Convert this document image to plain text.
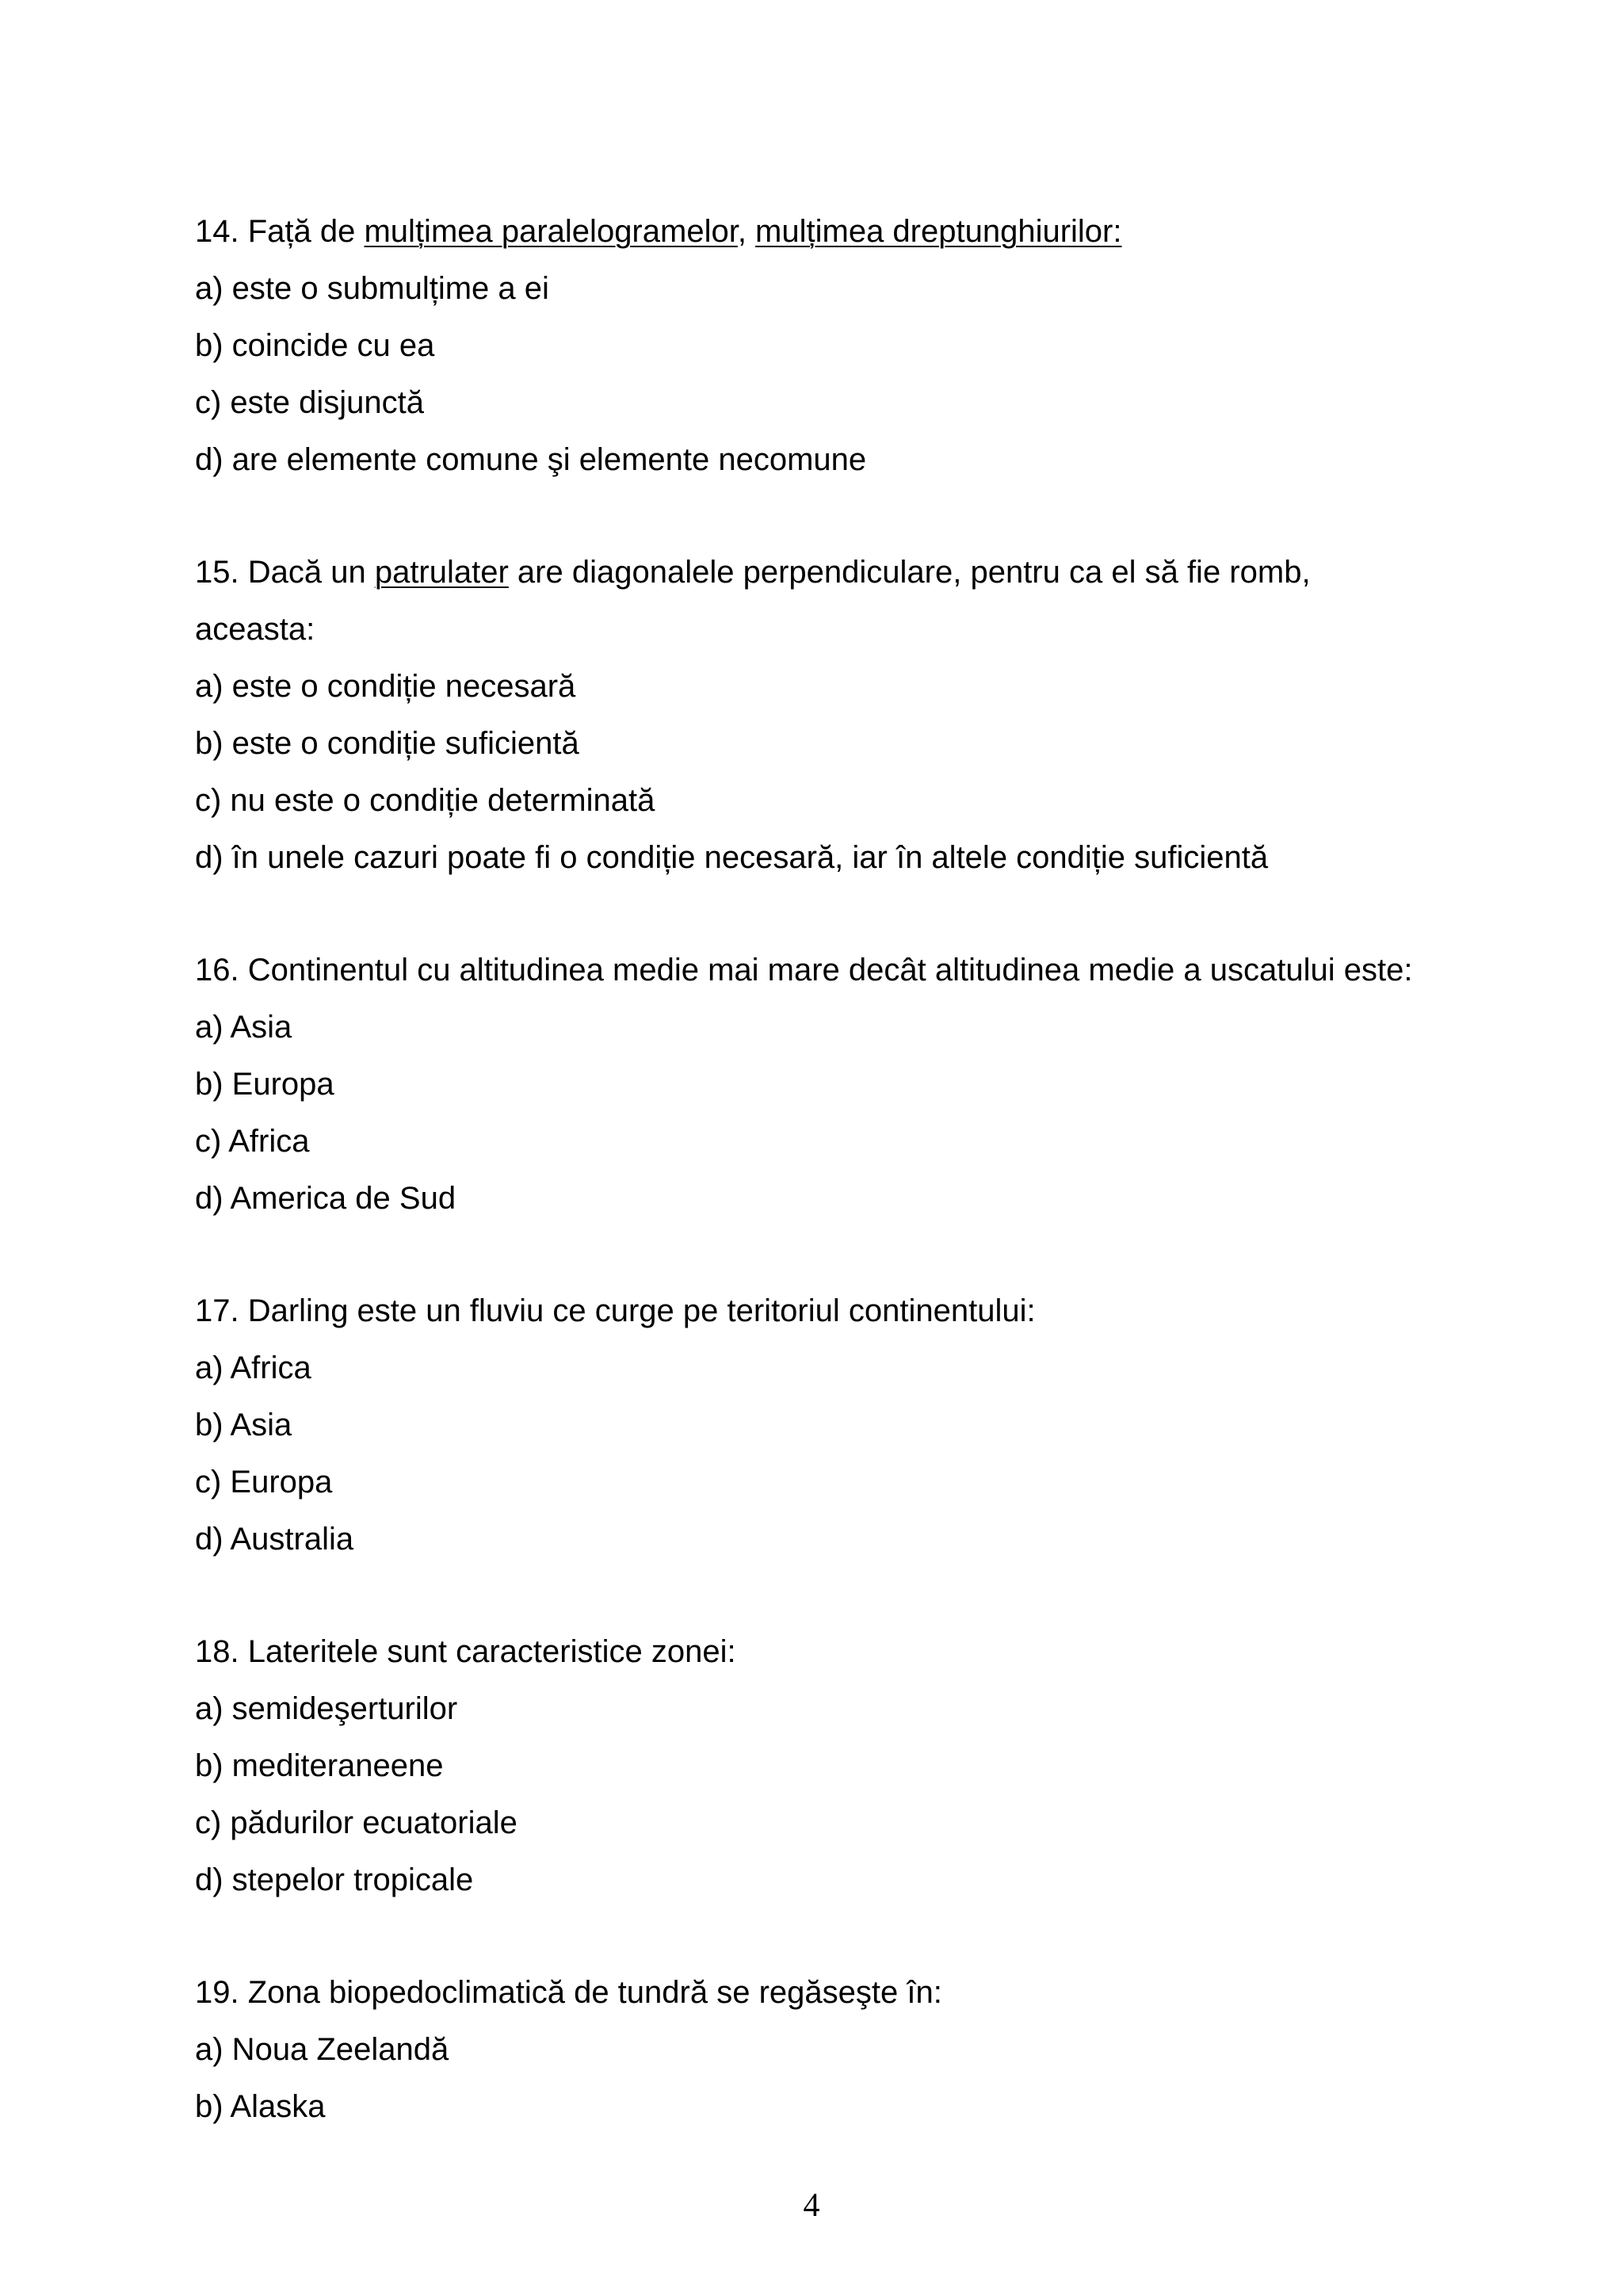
14. Față de mulțimea paralelogramelor, mulțimea dreptunghiurilor:
a) este o submulțime a ei
b) coincide cu ea
c) este disjunctă
d) are elemente comune şi elemente necomune
15. Dacă un patrulater are diagonalele perpendiculare, pentru ca el să fie romb,
aceasta:
a) este o condiție necesară
b) este o condiție suficientă
c) nu este o condiție determinată
d) în unele cazuri poate fi o condiție necesară, iar în altele condiție suficientă
16. Continentul cu altitudinea medie mai mare decât altitudinea medie a uscatului este:
a) Asia
b) Europa
c) Africa
d) America de Sud
17. Darling este un fluviu ce curge pe teritoriul continentului:
a) Africa
b) Asia
c) Europa
d) Australia
18. Lateritele sunt caracteristice zonei:
a) semideşerturilor
b) mediteraneene
c) pădurilor ecuatoriale
d) stepelor tropicale
19. Zona biopedoclimatică de tundră se regăseşte în:
a) Noua Zeelandă
b) Alaska
4
